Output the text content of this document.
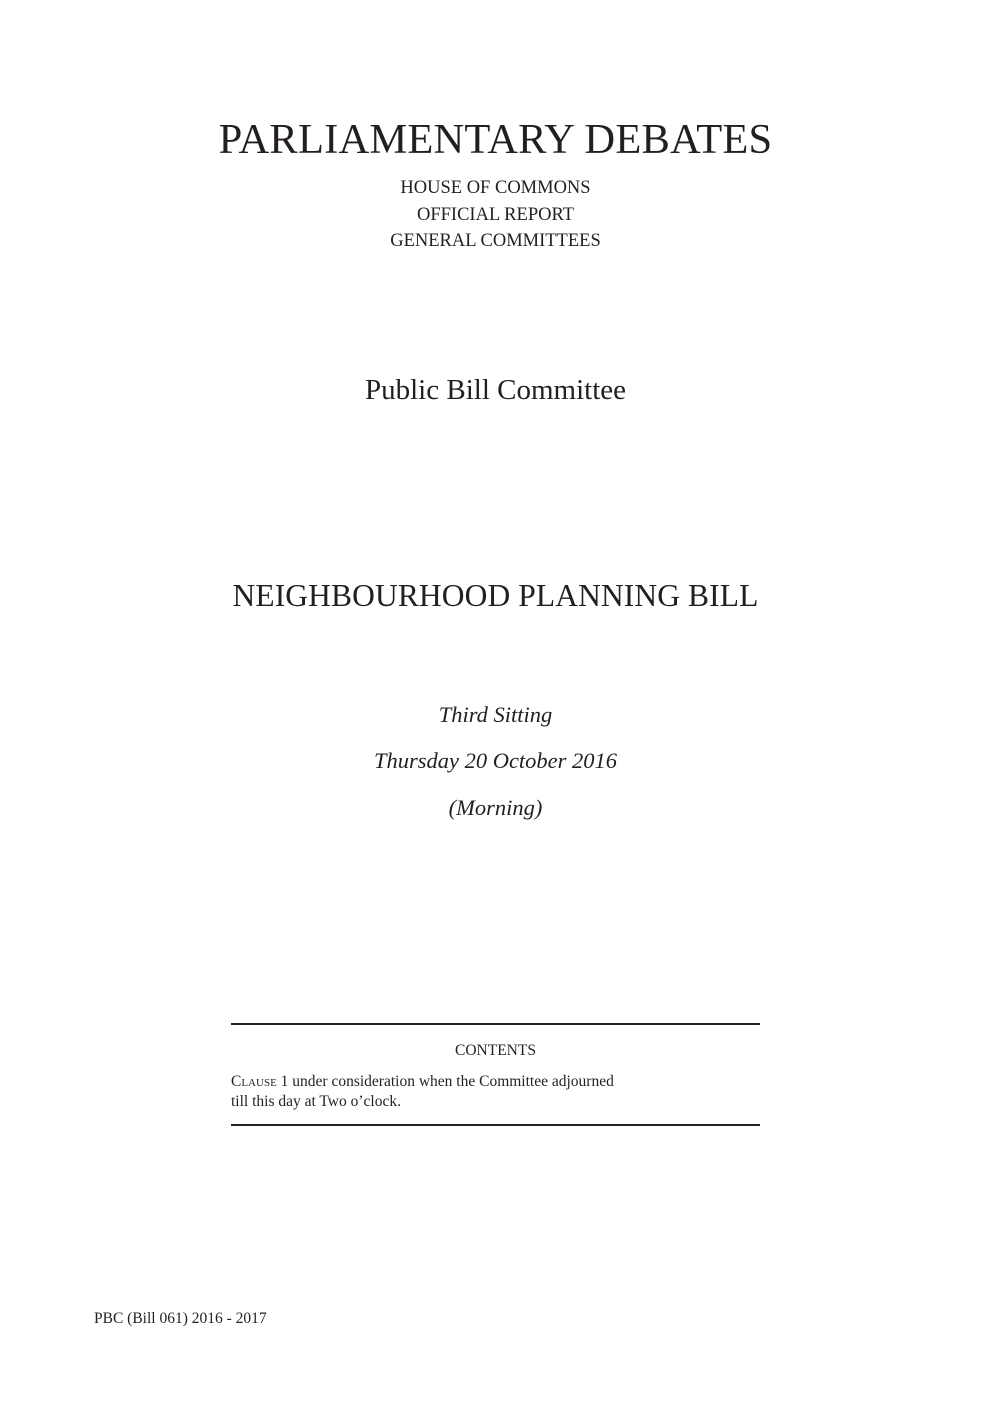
PARLIAMENTARY DEBATES
HOUSE OF COMMONS
OFFICIAL REPORT
GENERAL COMMITTEES
Public Bill Committee
NEIGHBOURHOOD PLANNING BILL
Third Sitting
Thursday 20 October 2016
(Morning)
CONTENTS
Clause 1 under consideration when the Committee adjourned
till this day at Two o’clock.
PBC (Bill 061) 2016 - 2017
